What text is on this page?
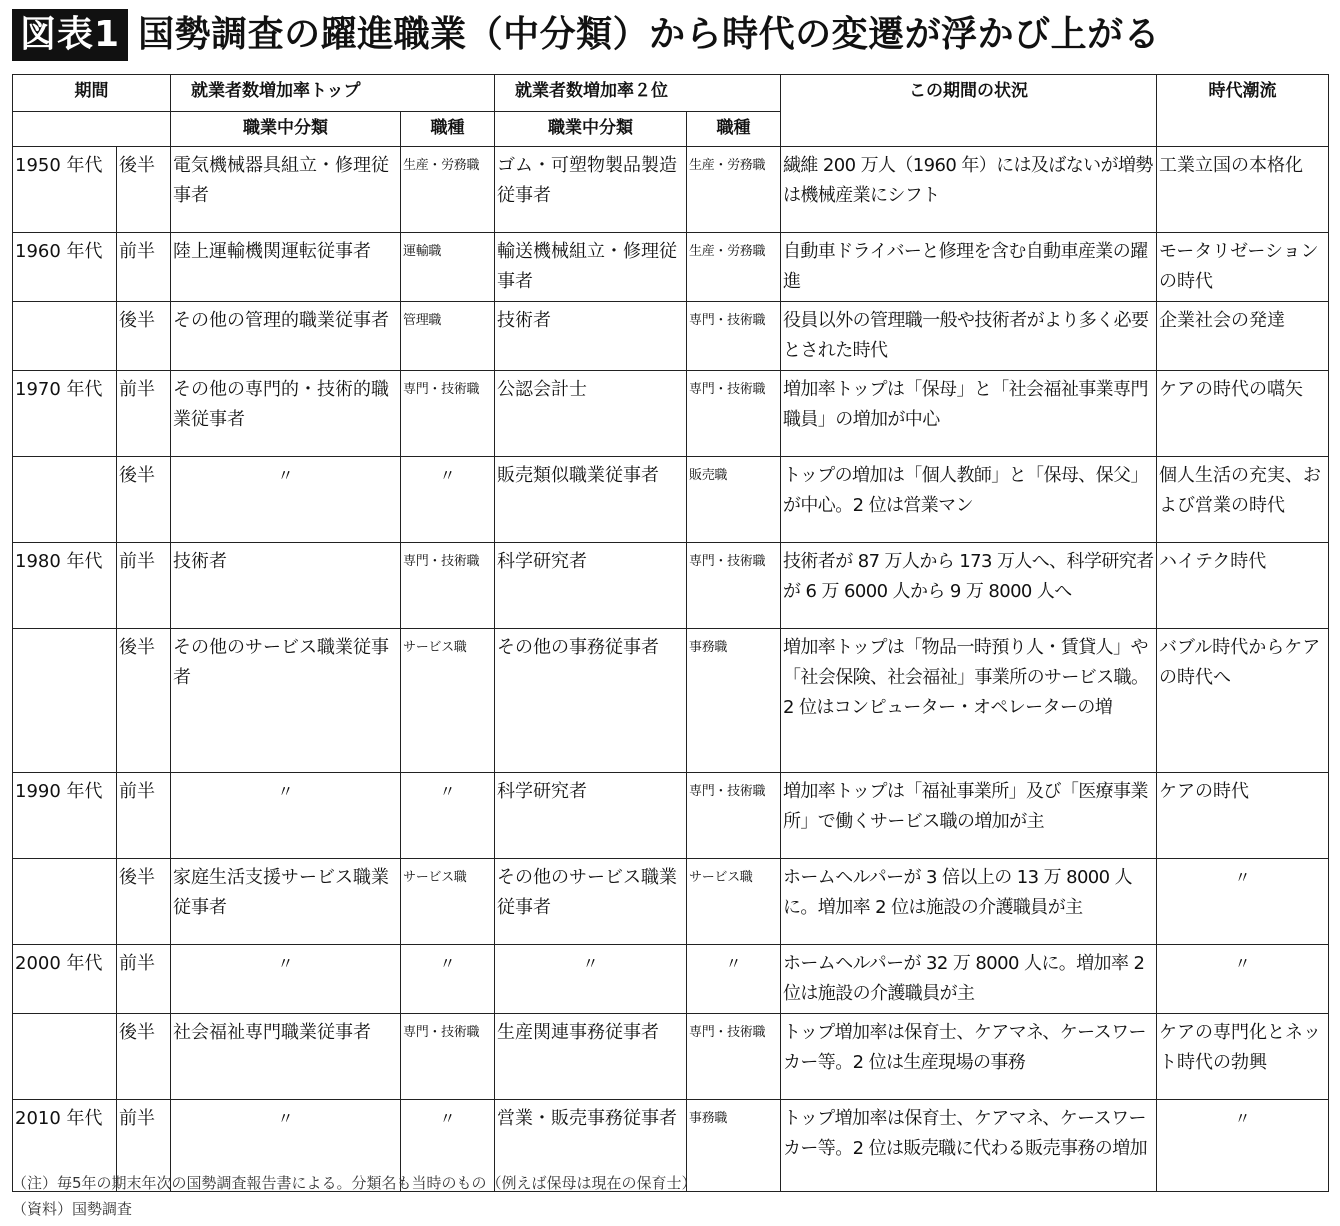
図表1 国勢調査の躍進職業（中分類）から時代の変遷が浮かび上がる
期間		就業者数増加率トップ		就業者数増加率２位		この期間の状況	時代潮流
		職業中分類	職種	職業中分類	職種		
1950 年代	後半	電気機械器具組立・修理従事者	生産・労務職	ゴム・可塑物製品製造従事者	生産・労務職	繊維 200 万人（1960 年）には及ばないが増勢は機械産業にシフト	工業立国の本格化
1960 年代	前半	陸上運輸機関運転従事者	運輸職	輸送機械組立・修理従事者	生産・労務職	自動車ドライバーと修理を含む自動車産業の躍進	モータリゼーションの時代
	後半	その他の管理的職業従事者	管理職	技術者	専門・技術職	役員以外の管理職一般や技術者がより多く必要とされた時代	企業社会の発達
1970 年代	前半	その他の専門的・技術的職業従事者	専門・技術職	公認会計士	専門・技術職	増加率トップは「保母」と「社会福祉事業専門職員」の増加が中心	ケアの時代の嚆矢
	後半	〃	〃	販売類似職業従事者	販売職	トップの増加は「個人教師」と「保母、保父」が中心。2 位は営業マン	個人生活の充実、および営業の時代
1980 年代	前半	技術者	専門・技術職	科学研究者	専門・技術職	技術者が 87 万人から 173 万人へ、科学研究者が 6 万 6000 人から 9 万 8000 人へ	ハイテク時代
	後半	その他のサービス職業従事者	サービス職	その他の事務従事者	事務職	増加率トップは「物品一時預り人・賃貸人」や「社会保険、社会福祉」事業所のサービス職。2 位はコンピューター・オペレーターの増	バブル時代からケアの時代へ
1990 年代	前半	〃	〃	科学研究者	専門・技術職	増加率トップは「福祉事業所」及び「医療事業所」で働くサービス職の増加が主	ケアの時代
	後半	家庭生活支援サービス職業従事者	サービス職	その他のサービス職業従事者	サービス職	ホームヘルパーが 3 倍以上の 13 万 8000 人に。増加率 2 位は施設の介護職員が主	〃
2000 年代	前半	〃	〃	〃	〃	ホームヘルパーが 32 万 8000 人に。増加率 2 位は施設の介護職員が主	〃
	後半	社会福祉専門職業従事者	専門・技術職	生産関連事務従事者	専門・技術職	トップ増加率は保育士、ケアマネ、ケースワーカー等。2 位は生産現場の事務	ケアの専門化とネット時代の勃興
2010 年代	前半	〃	〃	営業・販売事務従事者	事務職	トップ増加率は保育士、ケアマネ、ケースワーカー等。2 位は販売職に代わる販売事務の増加	〃
（注）毎5年の期末年次の国勢調査報告書による。分類名も当時のもの（例えば保母は現在の保育士）
（資料）国勢調査
